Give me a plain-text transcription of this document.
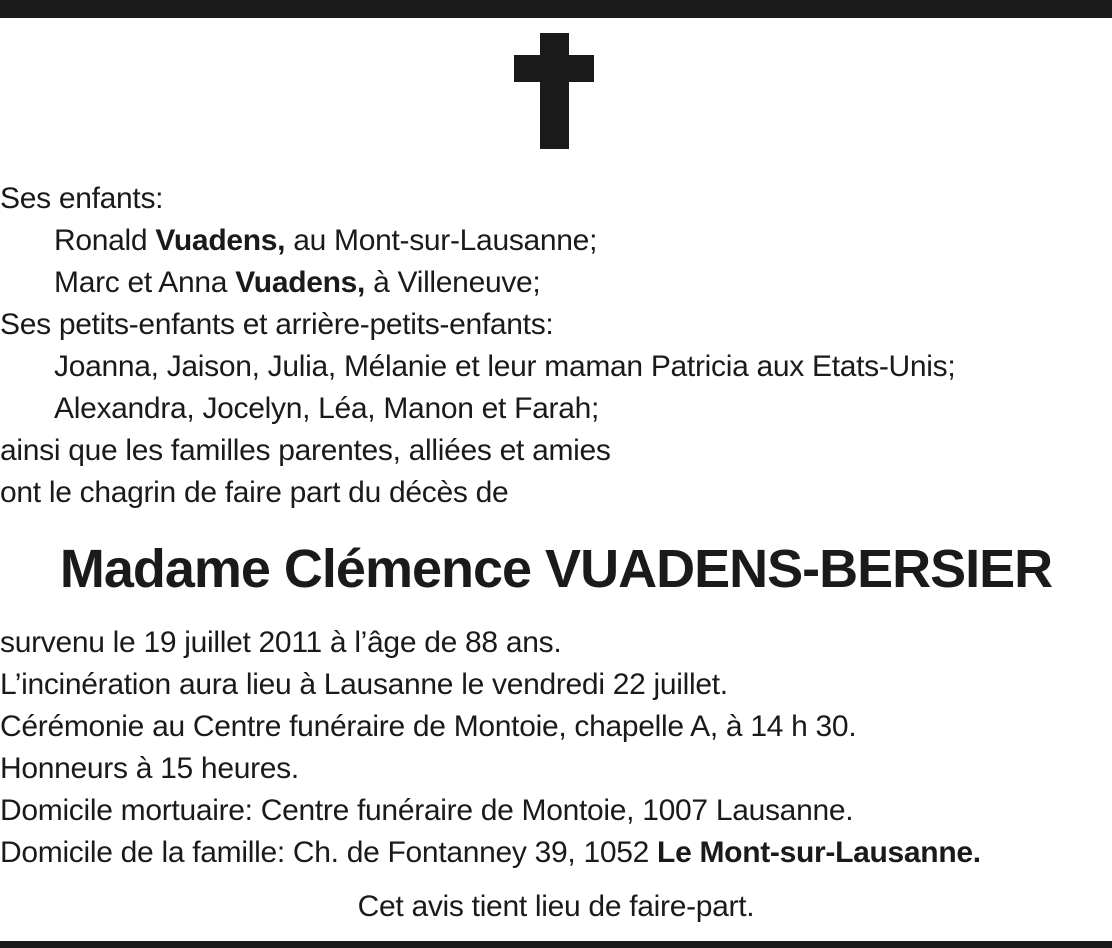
Ses enfants:
Ronald Vuadens, au Mont-sur-Lausanne;
Marc et Anna Vuadens, à Villeneuve;
Ses petits-enfants et arrière-petits-enfants:
Joanna, Jaison, Julia, Mélanie et leur maman Patricia aux Etats-Unis;
Alexandra, Jocelyn, Léa, Manon et Farah;
ainsi que les familles parentes, alliées et amies
ont le chagrin de faire part du décès de
Madame Clémence VUADENS-BERSIER
survenu le 19 juillet 2011 à l’âge de 88 ans.
L’incinération aura lieu à Lausanne le vendredi 22 juillet.
Cérémonie au Centre funéraire de Montoie, chapelle A, à 14 h 30.
Honneurs à 15 heures.
Domicile mortuaire: Centre funéraire de Montoie, 1007 Lausanne.
Domicile de la famille: Ch. de Fontanney 39, 1052 Le Mont-sur-Lausanne.
Cet avis tient lieu de faire-part.
